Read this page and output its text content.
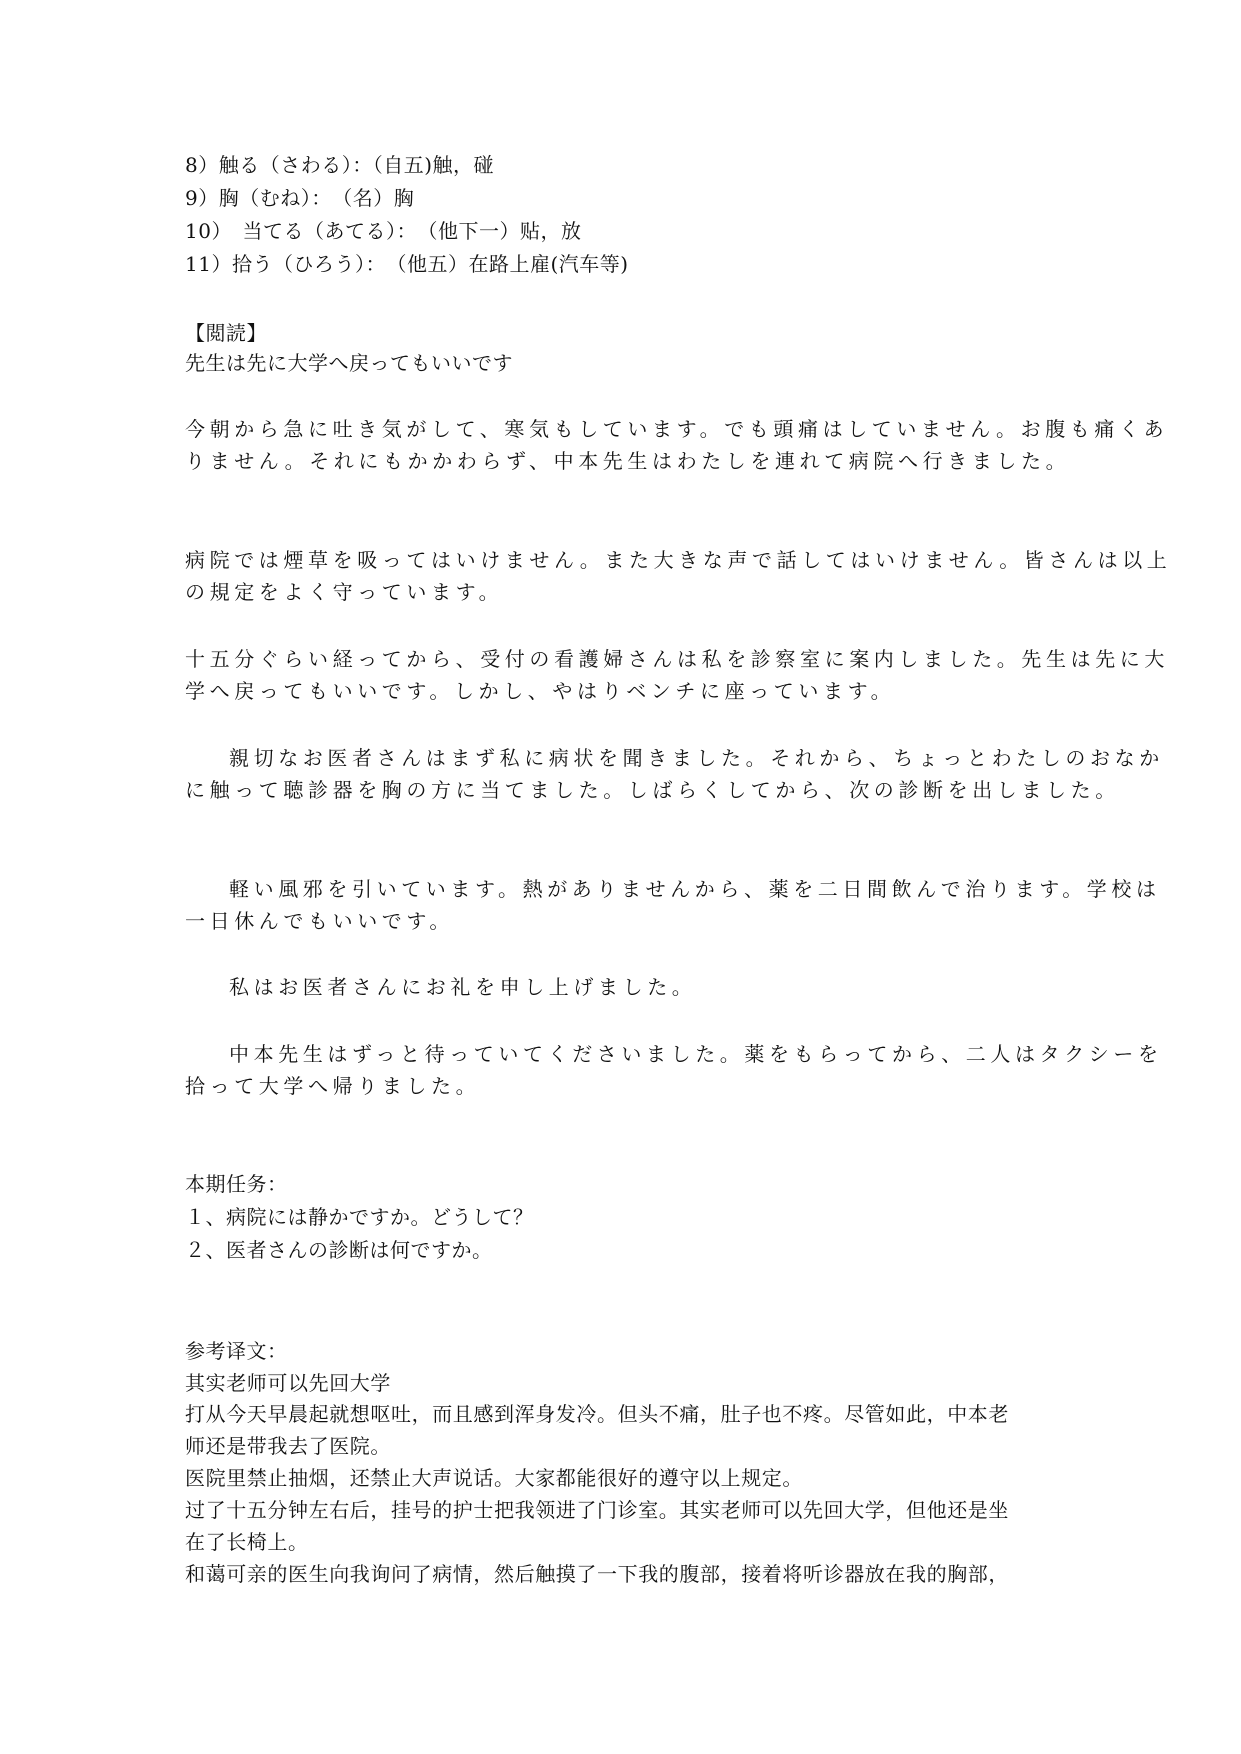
8）触る（さわる）：（自五)触，碰
9）胸（むね）：　（名）胸
10）　当てる（あてる）：　（他下一）贴，放
11）拾う（ひろう）：　（他五）在路上雇(汽车等)
【閲読】
先生は先に大学へ戻ってもいいです
今朝から急に吐き気がして、寒気もしています。でも頭痛はしていません。お腹も痛くあ
りません。それにもかかわらず、中本先生はわたしを連れて病院へ行きました。
病院では煙草を吸ってはいけません。また大きな声で話してはいけません。皆さんは以上
の規定をよく守っています。
十五分ぐらい経ってから、受付の看護婦さんは私を診察室に案内しました。先生は先に大
学へ戻ってもいいです。しかし、やはりベンチに座っています。
親切なお医者さんはまず私に病状を聞きました。それから、ちょっとわたしのおなか
に触って聴診器を胸の方に当てました。しばらくしてから、次の診断を出しました。
軽い風邪を引いています。熱がありませんから、薬を二日間飲んで治ります。学校は
一日休んでもいいです。
私はお医者さんにお礼を申し上げました。
中本先生はずっと待っていてくださいました。薬をもらってから、二人はタクシーを
拾って大学へ帰りました。
本期任务：
１、病院には静かですか。どうして？
２、医者さんの診断は何ですか。
参考译文：
其实老师可以先回大学
打从今天早晨起就想呕吐，而且感到浑身发冷。但头不痛，肚子也不疼。尽管如此，中本老
师还是带我去了医院。
医院里禁止抽烟，还禁止大声说话。大家都能很好的遵守以上规定。
过了十五分钟左右后，挂号的护士把我领进了门诊室。其实老师可以先回大学，但他还是坐
在了长椅上。
和蔼可亲的医生向我询问了病情，然后触摸了一下我的腹部，接着将听诊器放在我的胸部，
